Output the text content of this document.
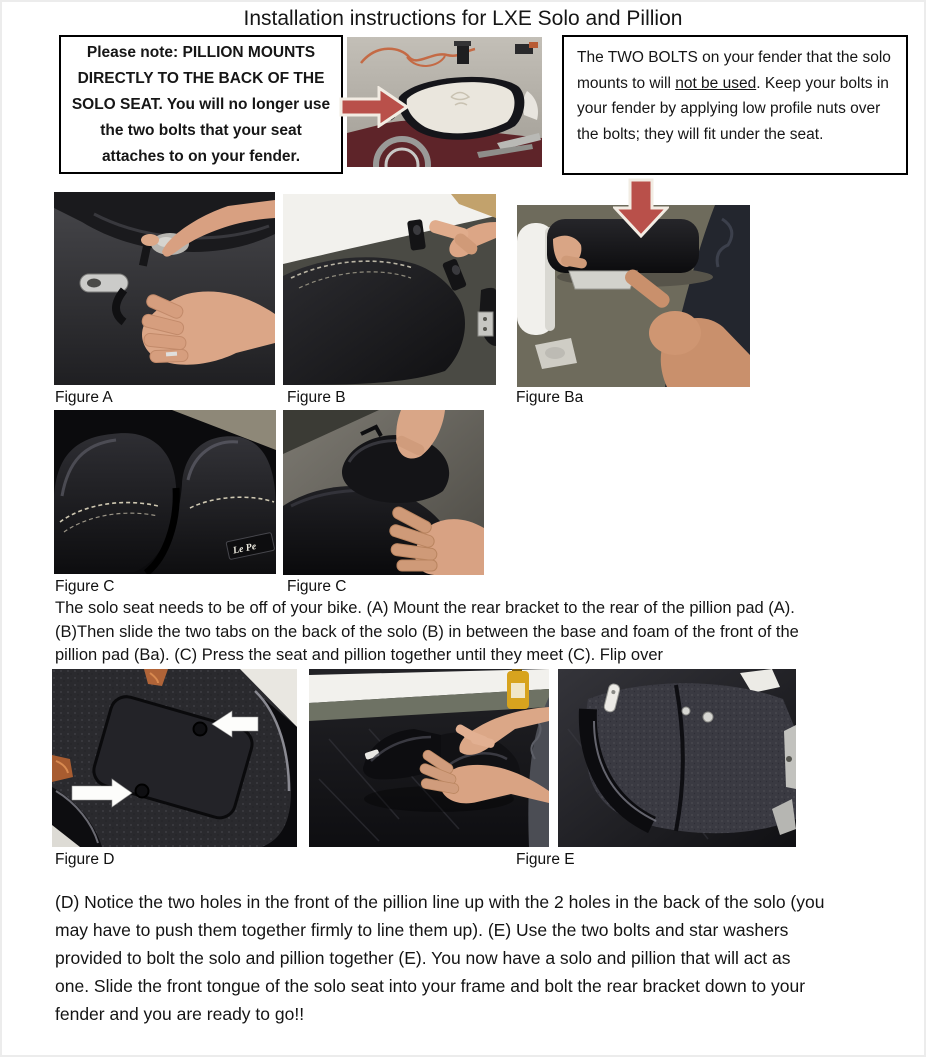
Installation instructions for LXE Solo and Pillion
Please note: PILLION MOUNTS DIRECTLY TO THE BACK OF THE SOLO SEAT. You will no longer use the two bolts that your seat attaches to on your fender.
The TWO BOLTS on your fender that the solo mounts to will not be used. Keep your bolts in your fender by applying low profile nuts over the bolts; they will fit under the seat.
Figure A	Figure B	Figure Ba
Le Pe
Figure C	Figure C
The solo seat needs to be off of your bike. (A) Mount the rear bracket to the rear of the pillion pad (A). (B)Then slide the two tabs on the back of the solo (B) in between the base and foam of the front of the pillion pad (Ba). (C) Press the seat and pillion together until they meet (C). Flip over
Figure D	Figure E
(D) Notice the two holes in the front of the pillion line up with the 2 holes in the back of the solo (you may have to push them together firmly to line them up). (E) Use the two bolts and star washers provided to bolt the solo and pillion together (E). You now have a solo and pillion that will act as one. Slide the front tongue of the solo seat into your frame and bolt the rear bracket down to your fender and you are ready to go!!
